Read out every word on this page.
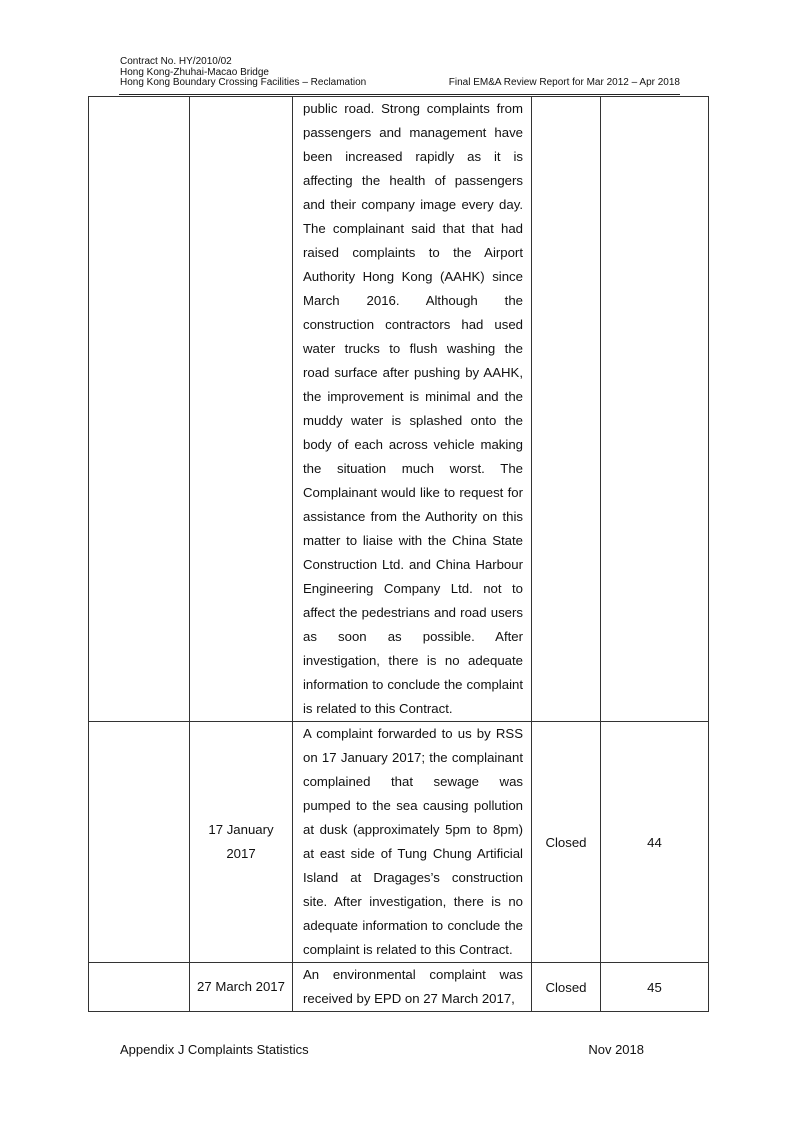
Contract No. HY/2010/02
Hong Kong-Zhuhai-Macao Bridge
Hong Kong Boundary Crossing Facilities – Reclamation	Final EM&A Review Report for Mar 2012 – Apr 2018

		public road. Strong complaints from passengers and management have been increased rapidly as it is affecting the health of passengers and their company image every day. The complainant said that that had raised complaints to the Airport Authority Hong Kong (AAHK) since March 2016. Although the construction contractors had used water trucks to flush washing the road surface after pushing by AAHK, the improvement is minimal and the muddy water is splashed onto the body of each across vehicle making the situation much worst. The Complainant would like to request for assistance from the Authority on this matter to liaise with the China State Construction Ltd. and China Harbour Engineering Company Ltd. not to affect the pedestrians and road users as soon as possible. After investigation, there is no adequate information to conclude the complaint is related to this Contract.		

	17 January 2017	A complaint forwarded to us by RSS on 17 January 2017; the complainant complained that sewage was pumped to the sea causing pollution at dusk (approximately 5pm to 8pm) at east side of Tung Chung Artificial Island at Dragages’s construction site. After investigation, there is no adequate information to conclude the complaint is related to this Contract.	Closed	44
	27 March 2017	An environmental complaint was received by EPD on 27 March 2017,	Closed	45
Appendix J Complaints Statistics	Nov 2018
